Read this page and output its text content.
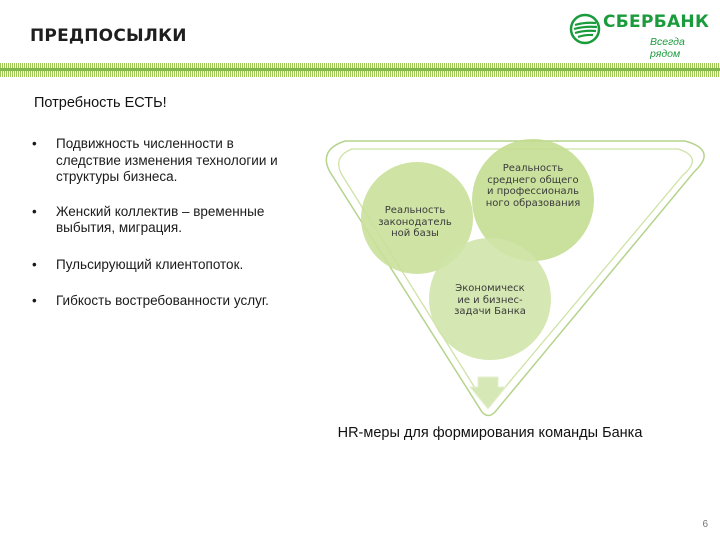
ПРЕДПОСЫЛКИ
СБЕРБАНК
Всегда рядом
Потребность ЕСТЬ!
• Подвижность численности в следствие изменения технологии и структуры бизнеса.
• Женский коллектив – временные выбытия, миграция.
• Пульсирующий клиентопоток.
• Гибкость востребованности услуг.
Реальность законодатель ной базы
Реальность среднего общего и профессиональ ного образования
Экономическ ие и бизнес-задачи Банка
HR-меры для формирования команды Банка
6
